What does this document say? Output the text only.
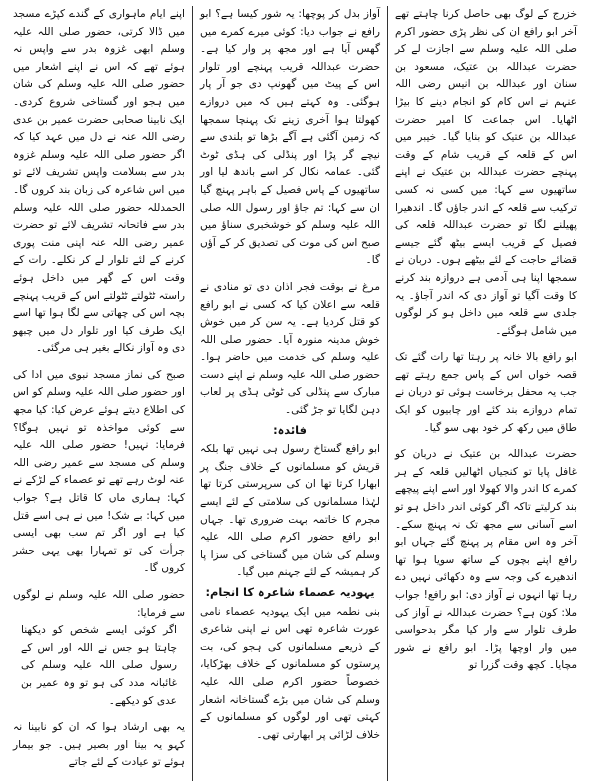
خزرج کے لوگ بھی حاصل کرنا چاہتے تھے آخر ابو رافع ان کی نظر پڑی حضور اکرم صلی اللہ علیہ وسلم سے اجازت لے کر حضرت عبداللہ بن عتیک، مسعود بن سنان اور عبداللہ بن انیس رضی اللہ عنہم نے اس کام کو انجام دینے کا بیڑا اٹھایا۔ اس جماعت کا امیر حضرت عبداللہ بن عتیک کو بنایا گیا۔ خیبر میں اس کے قلعہ کے قریب شام کے وقت پہنچے حضرت عبداللہ بن عتیک نے اپنے ساتھیوں سے کہا: میں کسی نہ کسی ترکیب سے قلعہ کے اندر جاؤں گا۔ اندھیرا پھیلنے لگا تو حضرت عبداللہ قلعہ کی فصیل کے قریب ایسے بیٹھ گئے جیسے قضائے حاجت کے لئے بیٹھے ہوں۔ دربان نے سمجھا اپنا ہی آدمی ہے دروازہ بند کرنے کا وقت آگیا تو آواز دی کہ اندر آجاؤ۔ یہ جلدی سے قلعہ میں داخل ہو کر لوگوں میں شامل ہوگئے۔

ابو رافع بالا خانہ پر رہتا تھا رات گئے تک قصہ خواں اس کے پاس جمع رہتے تھے جب یہ محفل برخاست ہوئی تو دربان نے تمام دروازے بند کئے اور چابیوں کو ایک طاق میں رکھ کر خود بھی سو گیا۔

حضرت عبداللہ بن عتیک نے دربان کو غافل پایا تو کنجیاں اٹھالیں قلعہ کے ہر کمرے کا اندر والا کھولا اور اسے اپنے پیچھے بند کرلیتے تاکہ اگر کوئی اندر داخل ہو تو اسے آسانی سے مجھ تک نہ پہنچ سکے۔ آخر وہ اس مقام پر پہنچ گئے جہاں ابو رافع اپنے بچوں کے ساتھ سویا ہوا تھا اندھیرے کی وجہ سے وہ دکھائی نہیں دے رہا تھا انہوں نے آواز دی: ابو رافع! جواب ملا: کون ہے؟ حضرت عبداللہ نے آواز کی طرف تلوار سے وار کیا مگر بدحواسی میں وار اوچھا پڑا۔ ابو رافع نے شور مچایا۔ کچھ وقت گزرا تو

آواز بدل کر پوچھا: یہ شور کیسا ہے؟ ابو رافع نے جواب دیا: کوئی میرے کمرے میں گھس آیا ہے اور مجھ پر وار کیا ہے۔ حضرت عبداللہ قریب پہنچے اور تلوار اس کے پیٹ میں گھونپ دی جو آر پار ہوگئی۔ وہ کہتے ہیں کہ میں دروازے کھولتا ہوا آخری زینے تک پہنچا سمجھا کہ زمین آگئی ہے آگے بڑھا تو بلندی سے نیچے گر پڑا اور پنڈلی کی ہڈی ٹوٹ گئی۔ عمامہ نکال کر اسے باندھ لیا اور ساتھیوں کے پاس فصیل کے باہر پہنچ گیا ان سے کہا: تم جاؤ اور رسول اللہ صلی اللہ علیہ وسلم کو خوشخبری سناؤ میں صبح اس کی موت کی تصدیق کر کے آؤں گا۔

مرغ نے بوقت فجر اذان دی تو منادی نے قلعہ سے اعلان کیا کہ کسی نے ابو رافع کو قتل کردیا ہے۔ یہ سن کر میں خوش خوش مدینہ منورہ آیا۔ حضور صلی اللہ علیہ وسلم کی خدمت میں حاضر ہوا۔ حضور صلی اللہ علیہ وسلم نے اپنے دست مبارک سے پنڈلی کی ٹوٹی ہڈی پر لعاب دہن لگایا تو جڑ گئی۔

فائدہ:

ابو رافع گستاخ رسول ہی نہیں تھا بلکہ قریش کو مسلمانوں کے خلاف جنگ پر ابھارا کرتا تھا ان کی سرپرستی کرتا تھا لہٰذا مسلمانوں کی سلامتی کے لئے ایسے مجرم کا خاتمہ بہت ضروری تھا۔ جہاں ابو رافع حضور اکرم صلی اللہ علیہ وسلم کی شان میں گستاخی کی سزا پا کر ہمیشہ کے لئے جہنم میں گیا۔

یہودیہ عصماء شاعرہ کا انجام:

بنی نطمہ میں ایک یہودیہ عصماء نامی عورت شاعرہ تھی اس نے اپنی شاعری کے ذریعے مسلمانوں کی ہجو کی، بت پرستوں کو مسلمانوں کے خلاف بھڑکایا، خصوصاً حضور اکرم صلی اللہ علیہ وسلم کی شان میں بڑے گستاخانہ اشعار کہتی تھی اور لوگوں کو مسلمانوں کے خلاف لڑائی پر ابھارتی تھی۔

اپنے ایام ماہواری کے گندے کپڑے مسجد میں ڈالا کرتی، حضور صلی اللہ علیہ وسلم ابھی غزوہ بدر سے واپس نہ ہوئے تھے کہ اس نے اپنے اشعار میں حضور صلی اللہ علیہ وسلم کی شان میں ہجو اور گستاخی شروع کردی۔ ایک نابینا صحابی حضرت عمیر بن عدی رضی اللہ عنہ نے دل میں عہد کیا کہ اگر حضور صلی اللہ علیہ وسلم غزوہ بدر سے بسلامت واپس تشریف لائے تو میں اس شاعرہ کی زبان بند کروں گا۔ الحمدللہ حضور صلی اللہ علیہ وسلم بدر سے فاتحانہ تشریف لائے تو حضرت عمیر رضی اللہ عنہ اپنی منت پوری کرنے کے لئے تلوار لے کر نکلے۔ رات کے وقت اس کے گھر میں داخل ہوئے راستہ ٹٹولتے ٹٹولتے اس کے قریب پہنچے بچہ اس کی چھاتی سے لگا ہوا تھا اسے ایک طرف کیا اور تلوار دل میں چبھو دی وہ آواز نکالے بغیر ہی مرگئی۔

صبح کی نماز مسجد نبوی میں ادا کی اور حضور صلی اللہ علیہ وسلم کو اس کی اطلاع دیتے ہوئے عرض کیا: کیا مجھ سے کوئی مواخذہ تو نہیں ہوگا؟ فرمایا: نہیں! حضور صلی اللہ علیہ وسلم کی مسجد سے عمیر رضی اللہ عنہ لوٹ رہے تھے تو عصماء کے لڑکے نے کہا: ہماری ماں کا قاتل ہے؟ جواب میں کہا: بے شک! میں نے ہی اسے قتل کیا ہے اور اگر تم سب بھی ایسی جرأت کی تو تمہارا بھی یہی حشر کروں گا۔

حضور صلی اللہ علیہ وسلم نے لوگوں سے فرمایا:

اگر کوئی ایسے شخص کو دیکھنا چاہتا ہو جس نے اللہ اور اس کے رسول صلی اللہ علیہ وسلم کی غائبانہ مدد کی ہو تو وہ عمیر بن عدی کو دیکھے۔

یہ بھی ارشاد ہوا کہ ان کو نابینا نہ کہو یہ بینا اور بصیر ہیں۔ جو بیمار ہوئے تو عیادت کے لئے جاتے
